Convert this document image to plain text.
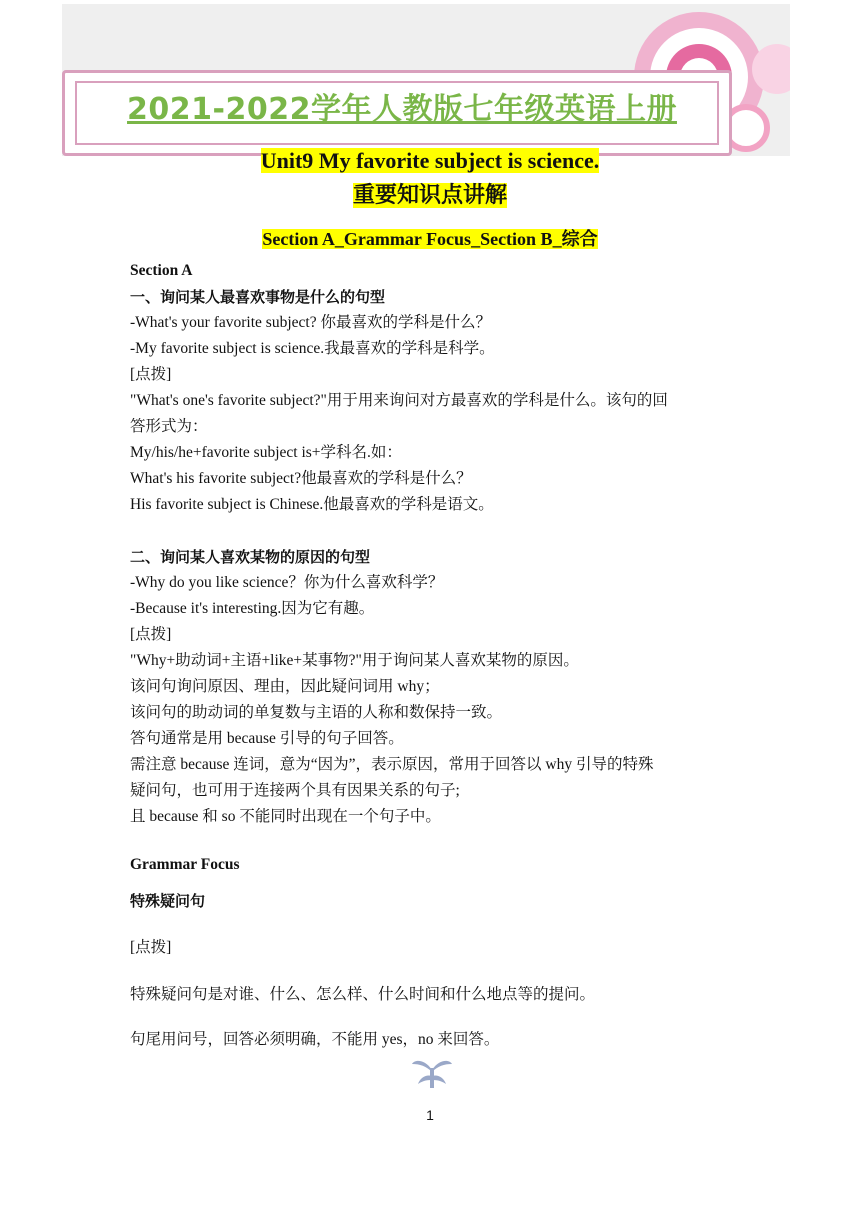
2021-2022学年人教版七年级英语上册

Unit9 My favorite subject is science.

重要知识点讲解

Section A_Grammar Focus_Section B_综合

Section A

一、询问某人最喜欢事物是什么的句型

-What's your favorite subject? 你最喜欢的学科是什么？

-My favorite subject is science.我最喜欢的学科是科学。

[点拨]

"What's one's favorite subject?"用于用来询问对方最喜欢的学科是什么。该句的回

答形式为：

My/his/he+favorite subject is+学科名.如：

What's his favorite subject?他最喜欢的学科是什么？

His favorite subject is Chinese.他最喜欢的学科是语文。

二、询问某人喜欢某物的原因的句型

-Why do you like science？你为什么喜欢科学？

-Because it's interesting.因为它有趣。

[点拨]

"Why+助动词+主语+like+某事物?"用于询问某人喜欢某物的原因。

该问句询问原因、理由，因此疑问词用 why；

该问句的助动词的单复数与主语的人称和数保持一致。

答句通常是用 because 引导的句子回答。

需注意 because 连词，意为“因为”，表示原因，常用于回答以 why 引导的特殊

疑问句，也可用于连接两个具有因果关系的句子;

且 because 和 so 不能同时出现在一个句子中。

Grammar Focus

特殊疑问句

[点拨]

特殊疑问句是对谁、什么、怎么样、什么时间和什么地点等的提问。

句尾用问号，回答必须明确，不能用 yes，no 来回答。

1
